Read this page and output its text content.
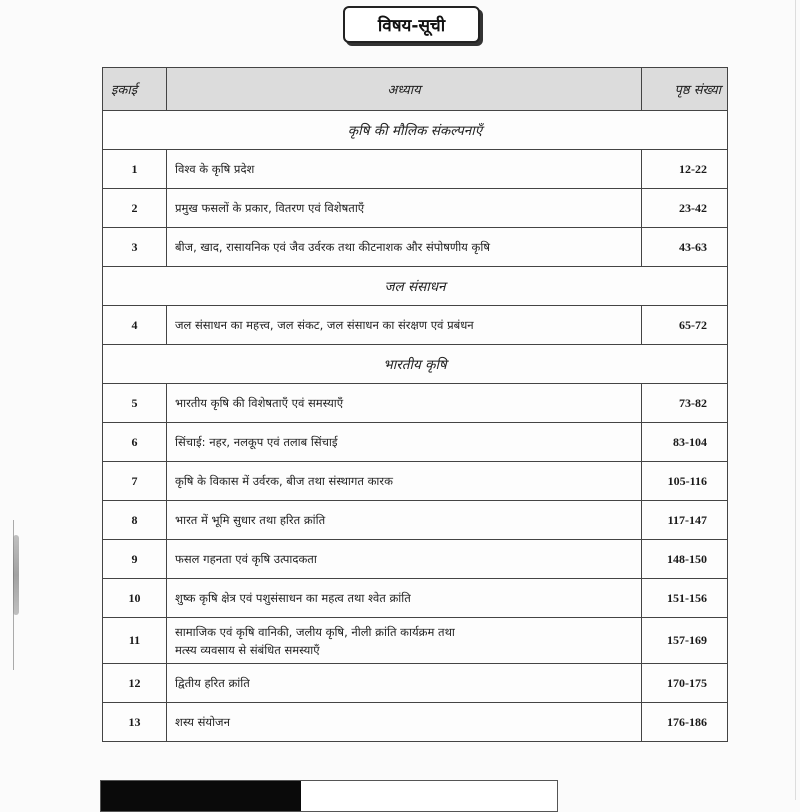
विषय-सूची
इकाई	अध्याय	पृष्ठ संख्या
कृषि की मौलिक संकल्पनाएँ		
1	विश्व के कृषि प्रदेश	12-22
2	प्रमुख फसलों के प्रकार, वितरण एवं विशेषताएँ	23-42
3	बीज, खाद, रासायनिक एवं जैव उर्वरक तथा कीटनाशक और संपोषणीय कृषि	43-63
जल संसाधन		
4	जल संसाधन का महत्त्व, जल संकट, जल संसाधन का संरक्षण एवं प्रबंधन	65-72
भारतीय कृषि		
5	भारतीय कृषि की विशेषताएँ एवं समस्याएँ	73-82
6	सिंचाई: नहर, नलकूप एवं तलाब सिंचाई	83-104
7	कृषि के विकास में उर्वरक, बीज तथा संस्थागत कारक	105-116
8	भारत में भूमि सुधार तथा हरित क्रांति	117-147
9	फसल गहनता एवं कृषि उत्पादकता	148-150
10	शुष्क कृषि क्षेत्र एवं पशुसंसाधन का महत्व तथा श्वेत क्रांति	151-156
11	सामाजिक एवं कृषि वानिकी, जलीय कृषि, नीली क्रांति कार्यक्रम तथा
मत्स्य व्यवसाय से संबंधित समस्याएँ	157-169
12	द्वितीय हरित क्रांति	170-175
13	शस्य संयोजन	176-186
